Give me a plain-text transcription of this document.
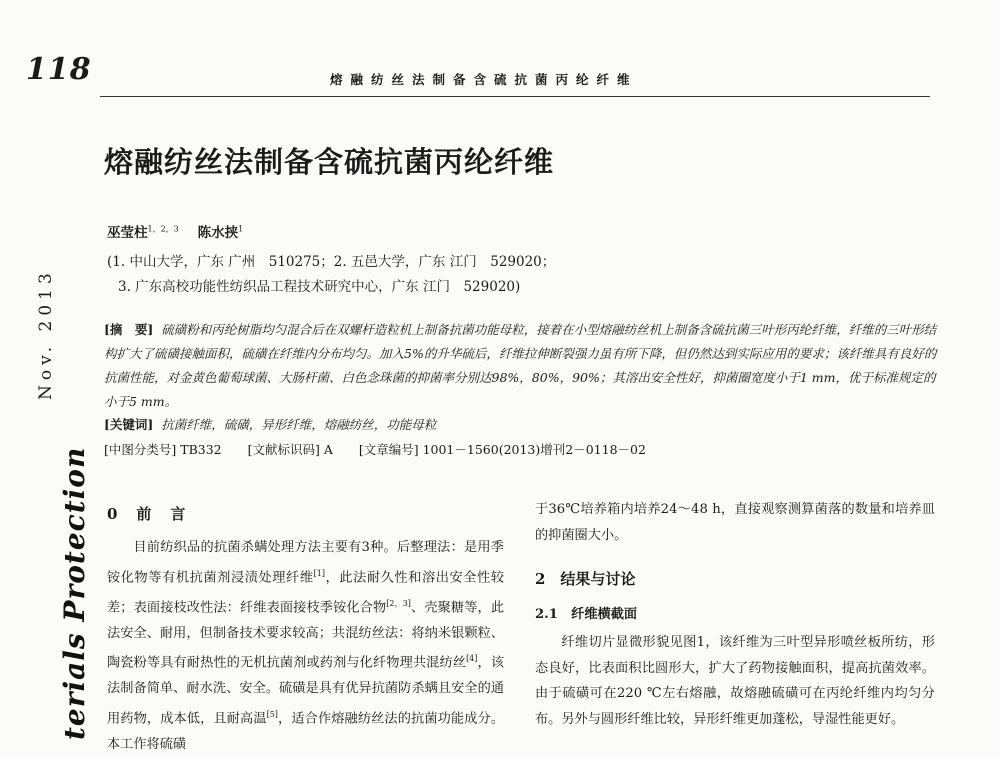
118	熔融纺丝法制备含硫抗菌丙纶纤维
Nov. 2013
terials Protection
熔融纺丝法制备含硫抗菌丙纶纤维
巫莹柱$^{1,2,3}$ 陈水挟$^1$
(1. 中山大学，广东 广州　510275；2. 五邑大学，广东 江门　529020；
3. 广东高校功能性纺织品工程技术研究中心，广东 江门　529020)
[摘　要] 硫磺粉和丙纶树脂均匀混合后在双螺杆造粒机上制备抗菌功能母粒，接着在小型熔融纺丝机上制备含硫抗菌三叶形丙纶纤维，纤维的三叶形结构扩大了硫磺接触面积，硫磺在纤维内分布均匀。加入5%的升华硫后，纤维拉伸断裂强力虽有所下降，但仍然达到实际应用的要求；该纤维具有良好的抗菌性能，对金黄色葡萄球菌、大肠杆菌、白色念珠菌的抑菌率分别达98%，80%，90%；其溶出安全性好，抑菌圈宽度小于1 mm，优于标准规定的小于5 mm。
[关键词] 抗菌纤维，硫磺，异形纤维，熔融纺丝，功能母粒
[中图分类号] TB332 [文献标识码] A [文章编号] 1001－1560(2013)增刊2－0118－02
0　前　言

目前纺织品的抗菌杀螨处理方法主要有3种。后整理法：是用季铵化物等有机抗菌剂浸渍处理纤维[1]，此法耐久性和溶出安全性较差；表面接枝改性法：纤维表面接枝季铵化合物[2，3]、壳聚糖等，此法安全、耐用，但制备技术要求较高；共混纺丝法：将纳米银颗粒、陶瓷粉等具有耐热性的无机抗菌剂或药剂与化纤物理共混纺丝[4]，该法制备简单、耐水洗、安全。硫磺是具有优异抗菌防杀螨且安全的通用药物，成本低，且耐高温[5]，适合作熔融纺丝法的抗菌功能成分。本工作将硫磺

于36℃培养箱内培养24～48 h，直接观察测算菌落的数量和培养皿的抑菌圈大小。

2　结果与讨论
2.1　纤维横截面

纤维切片显微形貌见图1，该纤维为三叶型异形喷丝板所纺，形态良好，比表面积比圆形大，扩大了药物接触面积，提高抗菌效率。由于硫磺可在220 ℃左右熔融，故熔融硫磺可在丙纶纤维内均匀分布。另外与圆形纤维比较，异形纤维更加蓬松，导湿性能更好。
